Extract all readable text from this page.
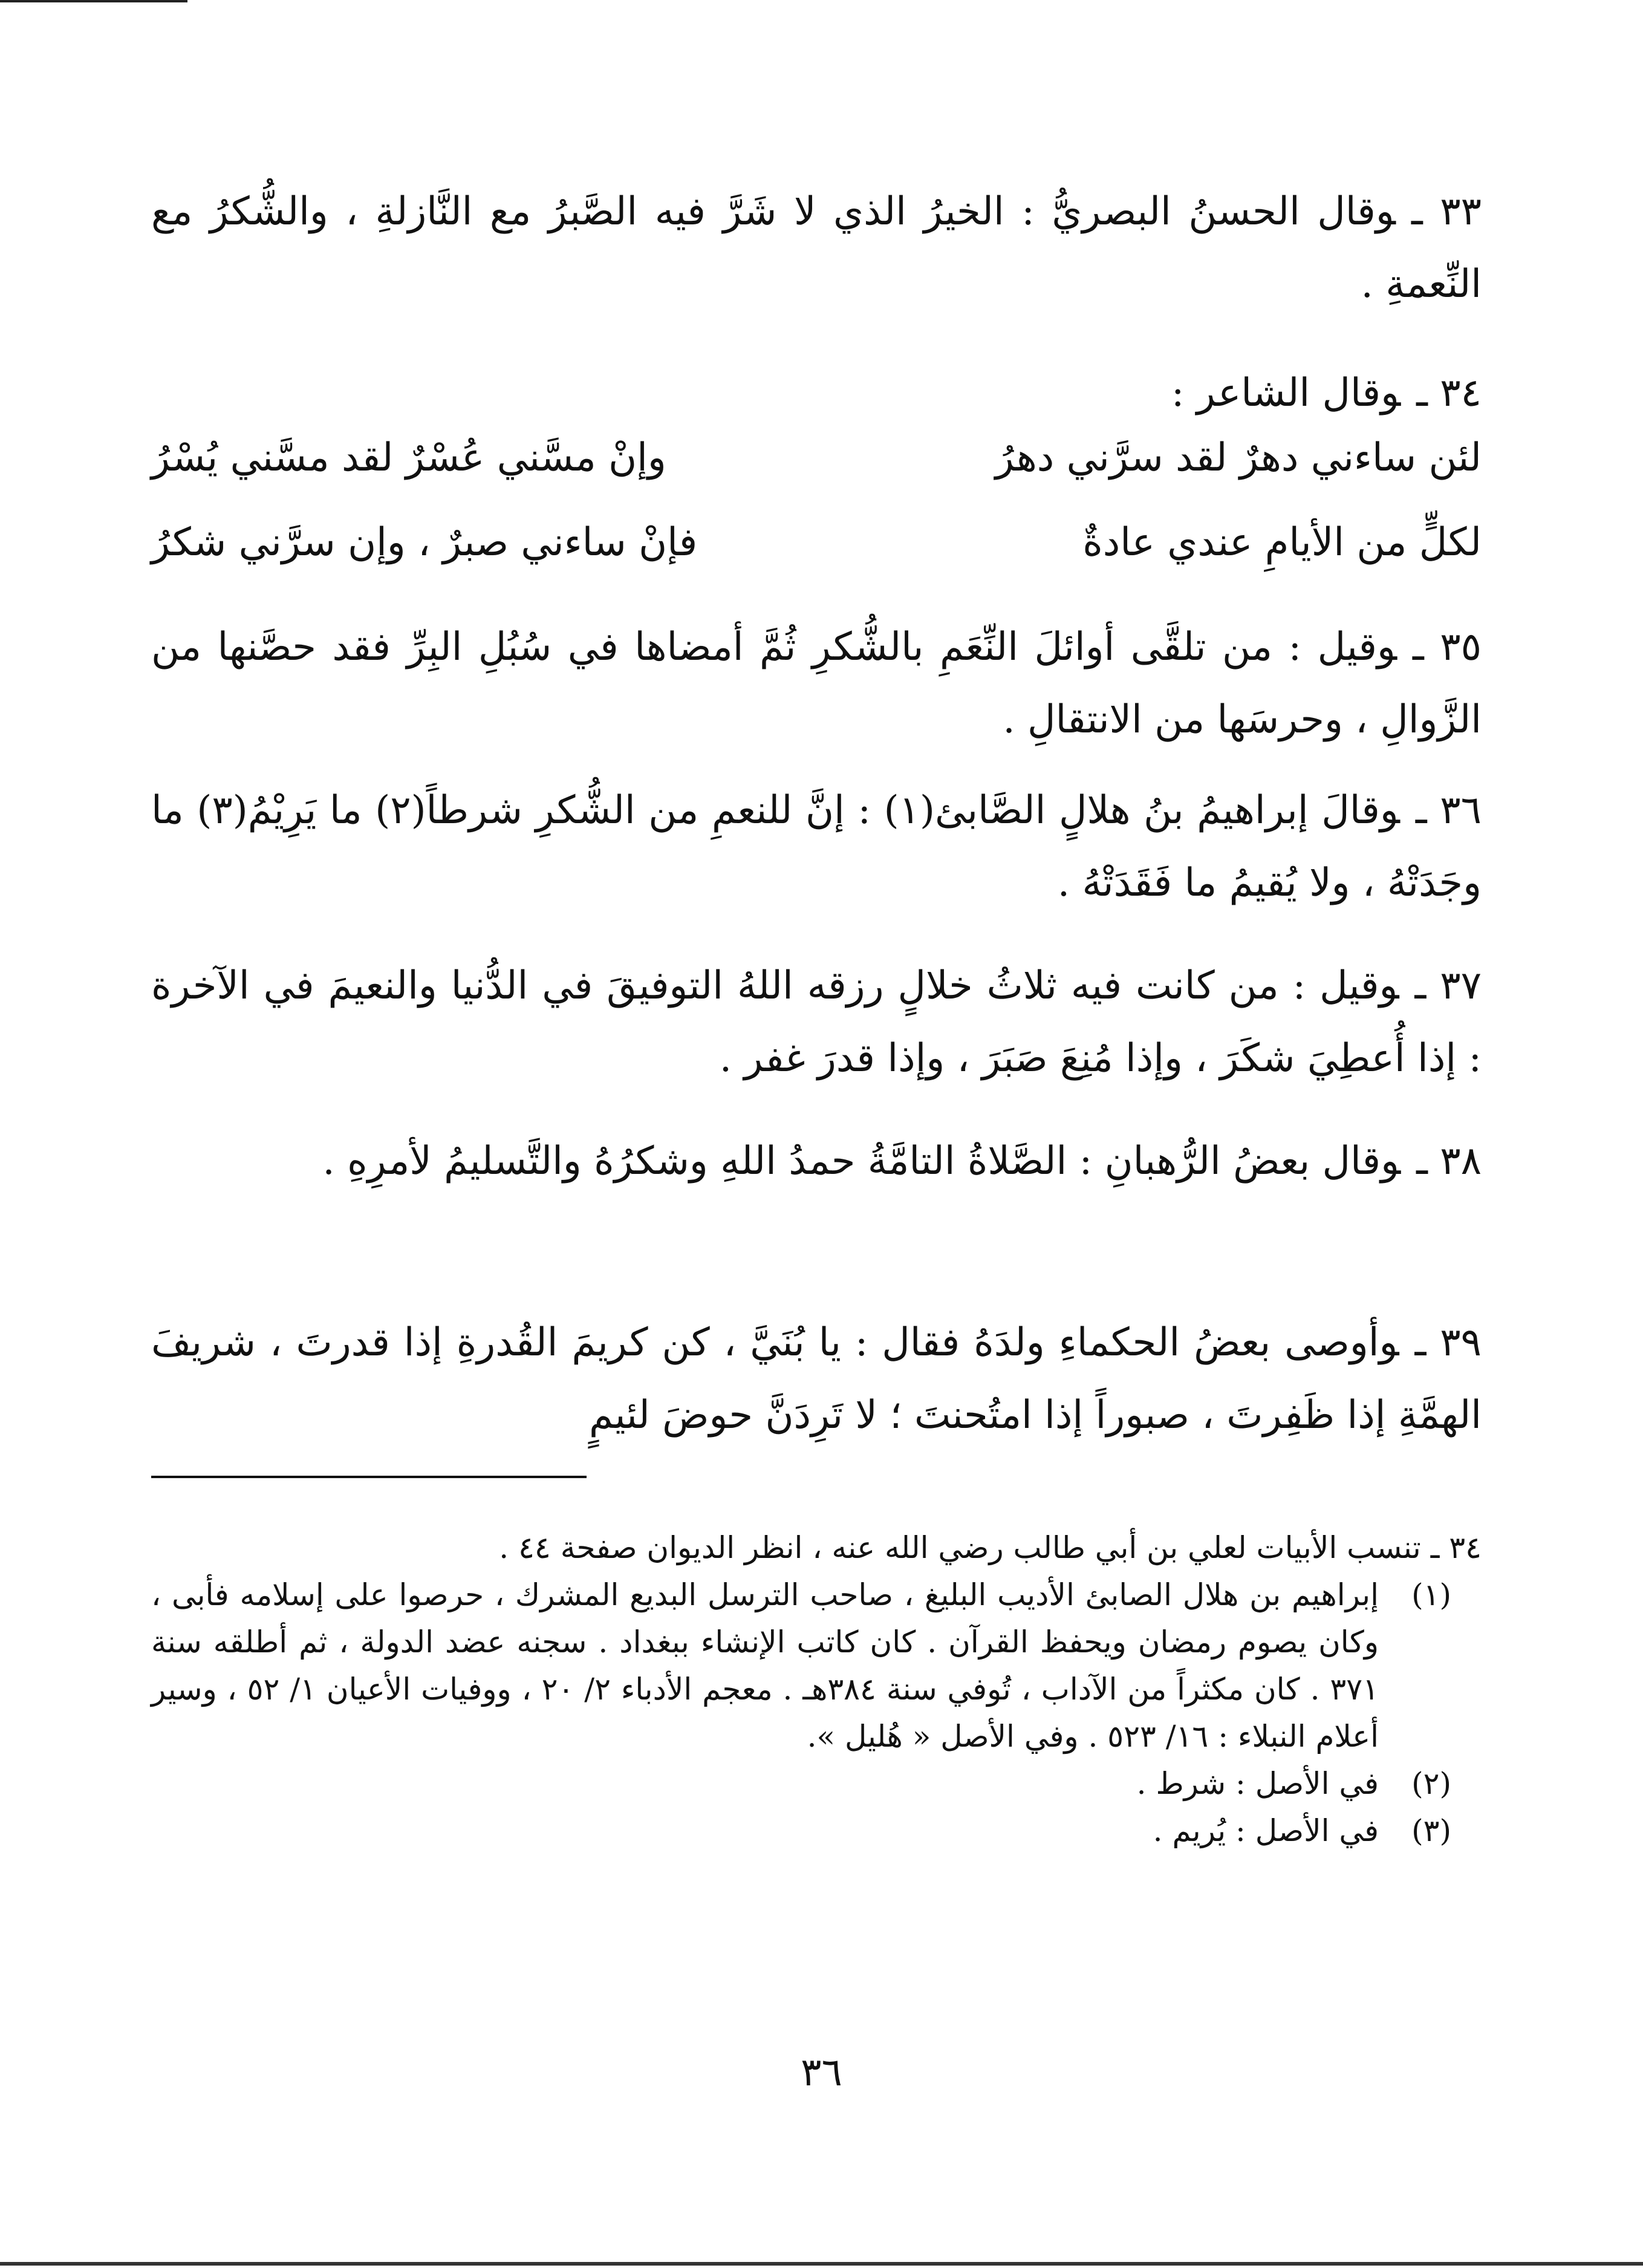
٣٣ ـوقال الحسنُ البصريُّ : الخيرُ الذي لا شَرَّ فيه الصَّبرُ مع النَّازلةِ ، والشُّكرُ مع النِّعمةِ .

٣٤ ـوقال الشاعر :

لئن ساءني دهرٌ لقد سرَّني دهرُ
وإنْ مسَّني عُسْرٌ لقد مسَّني يُسْرُ
لكلٍّ من الأيامِ عندي عادةٌ
فإنْ ساءني صبرٌ ، وإن سرَّني شكرُ

٣٥ ـوقيل : من تلقَّى أوائلَ النِّعَمِ بالشُّكرِ ثُمَّ أمضاها في سُبُلِ البِرِّ فقد حصَّنها من الزَّوالِ ، وحرسَها من الانتقالِ .

٣٦ ـوقالَ إبراهيمُ بنُ هلالٍ الصَّابئ(١) : إنَّ للنعمِ من الشُّكرِ شرطاً(٢) ما يَرِيْمُ(٣) ما وجَدَتْهُ ، ولا يُقيمُ ما فَقَدَتْهُ .

٣٧ ـوقيل : من كانت فيه ثلاثُ خلالٍ رزقه اللهُ التوفيقَ في الدُّنيا والنعيمَ في الآخرة : إذا أُعطِيَ شكَرَ ، وإذا مُنِعَ صَبَرَ ، وإذا قدرَ غفر .

٣٨ ـوقال بعضُ الرُّهبانِ : الصَّلاةُ التامَّةُ حمدُ اللهِ وشكرُهُ والتَّسليمُ لأمرِهِ .

٣٩ ـوأوصى بعضُ الحكماءِ ولدَهُ فقال : يا بُنَيَّ ، كن كريمَ القُدرةِ إذا قدرتَ ، شريفَ الهمَّةِ إذا ظَفِرتَ ، صبوراً إذا امتُحنتَ ؛ لا تَرِدَنَّ حوضَ لئيمٍ

٣٤ ـ تنسب الأبيات لعلي بن أبي طالب رضي الله عنه ، انظر الديوان صفحة ٤٤ .
(١)
إبراهيم بن هلال الصابئ الأديب البليغ ، صاحب الترسل البديع المشرك ، حرصوا على إسلامه فأبى ، وكان يصوم رمضان ويحفظ القرآن . كان كاتب الإنشاء ببغداد . سجنه عضد الدولة ، ثم أطلقه سنة ٣٧١ . كان مكثراً من الآداب ، تُوفي سنة ٣٨٤هـ . معجم الأدباء ٢/ ٢٠ ، ووفيات الأعيان ١/ ٥٢ ، وسير أعلام النبلاء : ١٦/ ٥٢٣ . وفي الأصل « هُليل ».
(٢)
في الأصل : شرط .
(٣)
في الأصل : يُريم .
٣٦
